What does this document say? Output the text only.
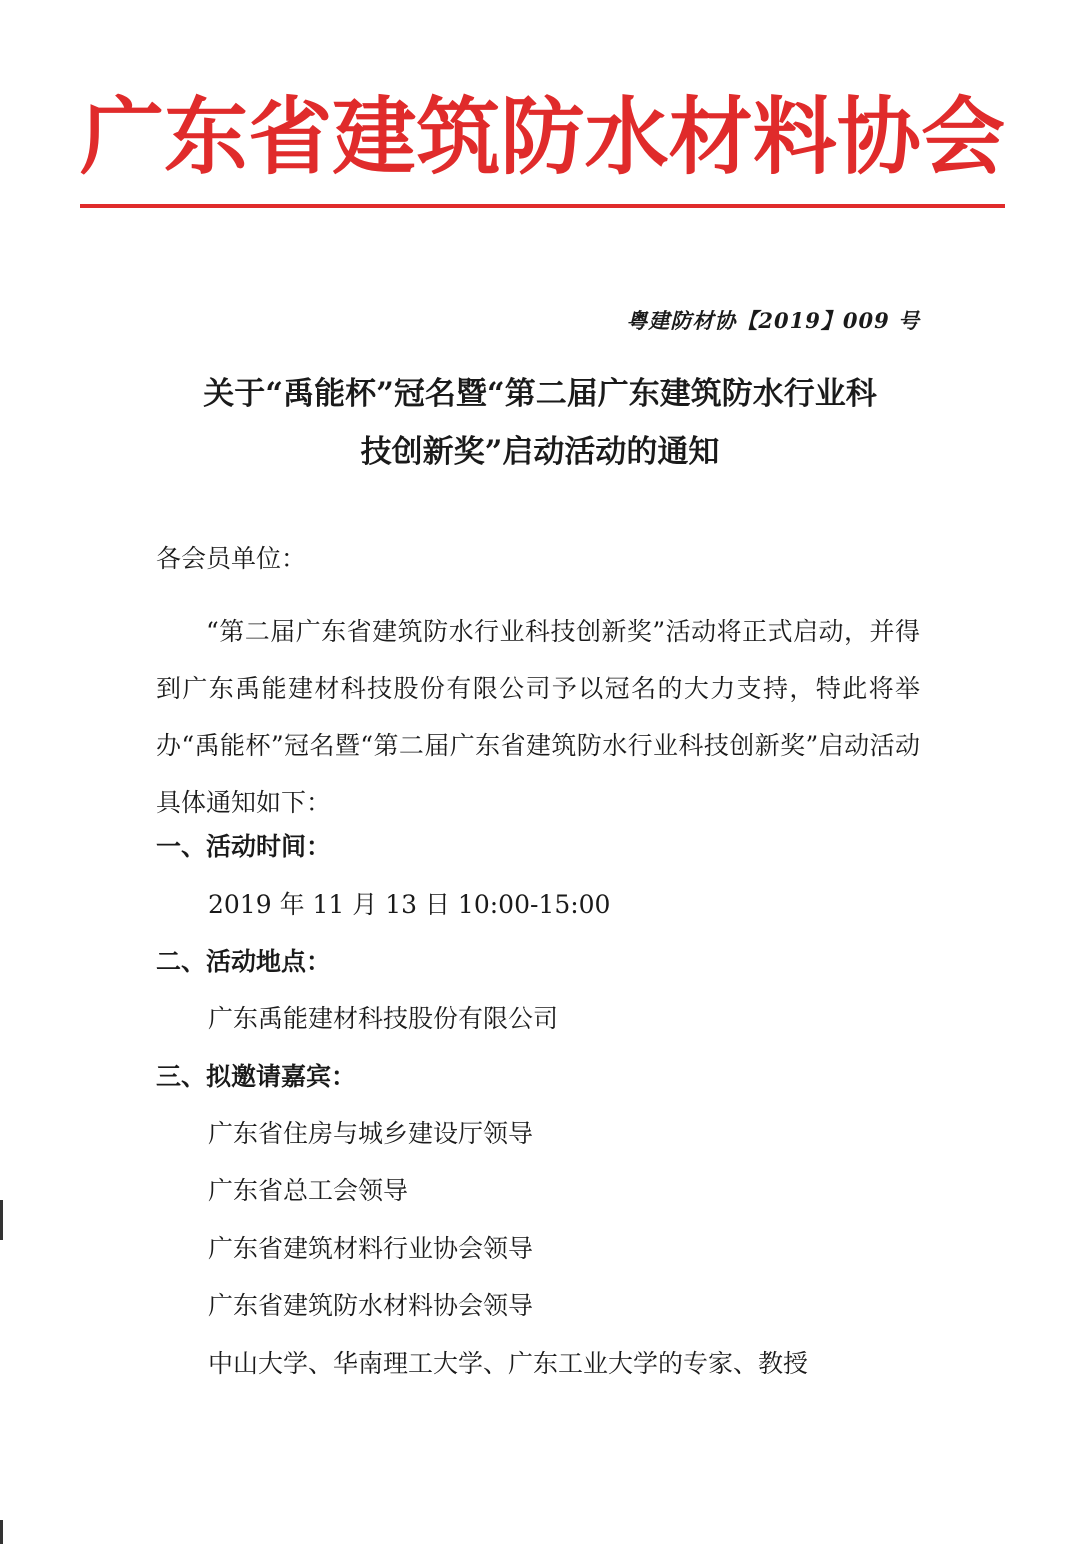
广 东 省 建 筑 防 水 材 料 协 会
粤建防材协【2019】009 号
关于“禹能杯”冠名暨“第二届广东建筑防水行业科
技创新奖”启动活动的通知
各会员单位：
“第二届广东省建筑防水行业科技创新奖”活动将正式启动，并得到广东禹能建材科技股份有限公司予以冠名的大力支持，特此将举办“禹能杯”冠名暨“第二届广东省建筑防水行业科技创新奖”启动活动具体通知如下：
一、活动时间：
2019 年 11 月 13 日 10:00-15:00
二、活动地点：
广东禹能建材科技股份有限公司
三、拟邀请嘉宾：
广东省住房与城乡建设厅领导
广东省总工会领导
广东省建筑材料行业协会领导
广东省建筑防水材料协会领导
中山大学、华南理工大学、广东工业大学的专家、教授
